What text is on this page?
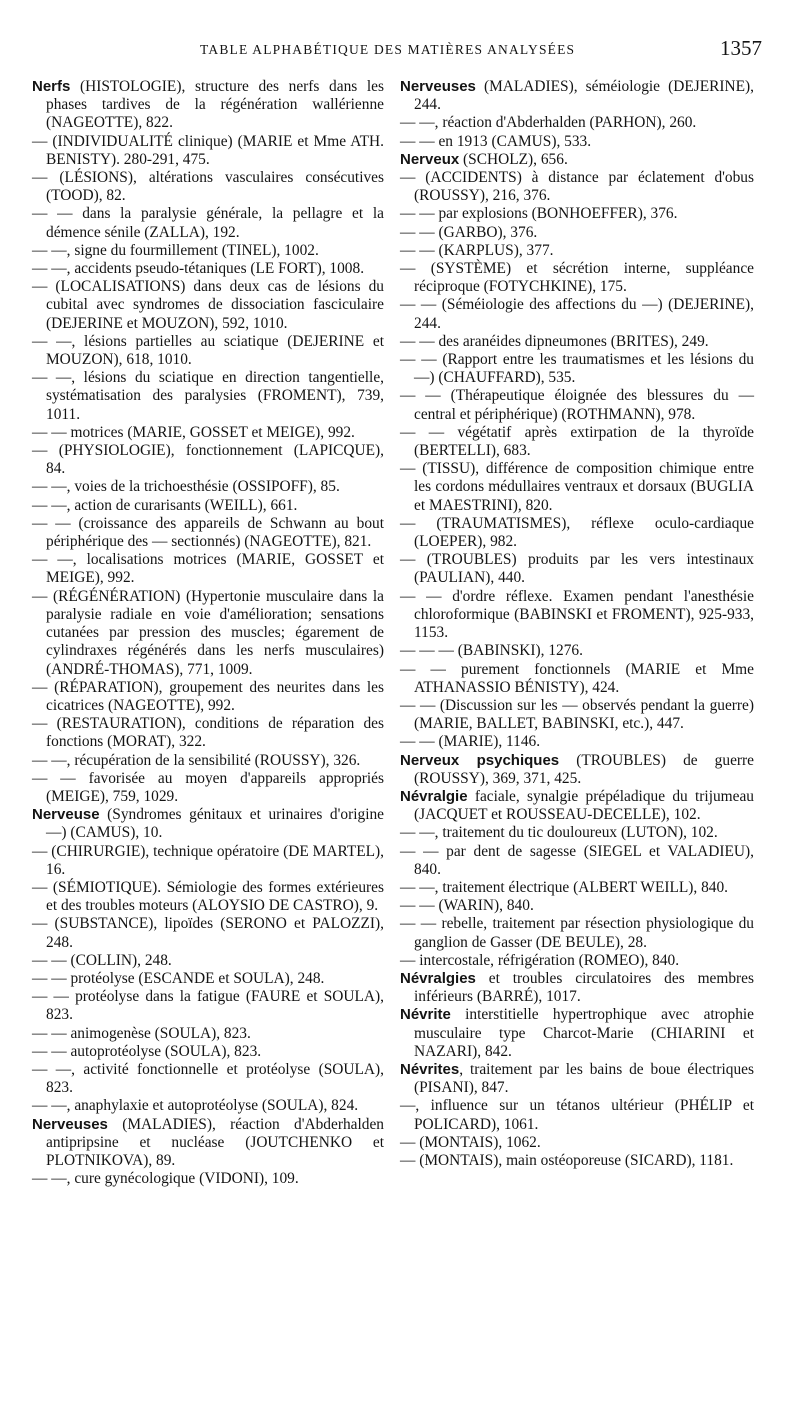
TABLE ALPHABÉTIQUE DES MATIÈRES ANALYSÉES	1357

Nerfs (HISTOLOGIE), structure des nerfs dans les phases tardives de la régénération wallérienne (NAGEOTTE), 822.

— (INDIVIDUALITÉ clinique) (MARIE et Mme ATH. BENISTY). 280-291, 475.

— (LÉSIONS), altérations vasculaires consécutives (TOOD), 82.

— — dans la paralysie générale, la pellagre et la démence sénile (ZALLA), 192.

— —, signe du fourmillement (TINEL), 1002.

— —, accidents pseudo-tétaniques (LE FORT), 1008.

— (LOCALISATIONS) dans deux cas de lésions du cubital avec syndromes de dissociation fasciculaire (DEJERINE et MOUZON), 592, 1010.

— —, lésions partielles au sciatique (DEJERINE et MOUZON), 618, 1010.

— —, lésions du sciatique en direction tangentielle, systématisation des paralysies (FROMENT), 739, 1011.

— — motrices (MARIE, GOSSET et MEIGE), 992.

— (PHYSIOLOGIE), fonctionnement (LAPICQUE), 84.

— —, voies de la trichoesthésie (OSSIPOFF), 85.

— —, action de curarisants (WEILL), 661.

— — (croissance des appareils de Schwann au bout périphérique des — sectionnés) (NAGEOTTE), 821.

— —, localisations motrices (MARIE, GOSSET et MEIGE), 992.

— (RÉGÉNÉRATION) (Hypertonie musculaire dans la paralysie radiale en voie d'amélioration; sensations cutanées par pression des muscles; égarement de cylindraxes régénérés dans les nerfs musculaires) (ANDRÉ-THOMAS), 771, 1009.

— (RÉPARATION), groupement des neurites dans les cicatrices (NAGEOTTE), 992.

— (RESTAURATION), conditions de réparation des fonctions (MORAT), 322.

— —, récupération de la sensibilité (ROUSSY), 326.

— — favorisée au moyen d'appareils appropriés (MEIGE), 759, 1029.

Nerveuse (Syndromes génitaux et urinaires d'origine —) (CAMUS), 10.

— (CHIRURGIE), technique opératoire (DE MARTEL), 16.

— (SÉMIOTIQUE). Sémiologie des formes extérieures et des troubles moteurs (ALOYSIO DE CASTRO), 9.

— (SUBSTANCE), lipoïdes (SERONO et PALOZZI), 248.

— — (COLLIN), 248.

— — protéolyse (ESCANDE et SOULA), 248.

— — protéolyse dans la fatigue (FAURE et SOULA), 823.

— — animogenèse (SOULA), 823.

— — autoprotéolyse (SOULA), 823.

— —, activité fonctionnelle et protéolyse (SOULA), 823.

— —, anaphylaxie et autoprotéolyse (SOULA), 824.

Nerveuses (MALADIES), réaction d'Abderhalden antipripsine et nucléase (JOUTCHENKO et PLOTNIKOVA), 89.

— —, cure gynécologique (VIDONI), 109.

Nerveuses (MALADIES), séméiologie (DEJERINE), 244.

— —, réaction d'Abderhalden (PARHON), 260.

— — en 1913 (CAMUS), 533.

Nerveux (SCHOLZ), 656.

— (ACCIDENTS) à distance par éclatement d'obus (ROUSSY), 216, 376.

— — par explosions (BONHOEFFER), 376.

— — (GARBO), 376.

— — (KARPLUS), 377.

— (SYSTÈME) et sécrétion interne, suppléance réciproque (FOTYCHKINE), 175.

— — (Séméiologie des affections du —) (DEJERINE), 244.

— — des aranéides dipneumones (BRITES), 249.

— — (Rapport entre les traumatismes et les lésions du —) (CHAUFFARD), 535.

— — (Thérapeutique éloignée des blessures du — central et périphérique) (ROTHMANN), 978.

— — végétatif après extirpation de la thyroïde (BERTELLI), 683.

— (TISSU), différence de composition chimique entre les cordons médullaires ventraux et dorsaux (BUGLIA et MAESTRINI), 820.

— (TRAUMATISMES), réflexe oculo-cardiaque (LOEPER), 982.

— (TROUBLES) produits par les vers intestinaux (PAULIAN), 440.

— — d'ordre réflexe. Examen pendant l'anesthésie chloroformique (BABINSKI et FROMENT), 925-933, 1153.

— — — (BABINSKI), 1276.

— — purement fonctionnels (MARIE et Mme ATHANASSIO BÉNISTY), 424.

— — (Discussion sur les — observés pendant la guerre) (MARIE, BALLET, BABINSKI, etc.), 447.

— — (MARIE), 1146.

Nerveux psychiques (TROUBLES) de guerre (ROUSSY), 369, 371, 425.

Névralgie faciale, synalgie prépéladique du trijumeau (JACQUET et ROUSSEAU-DECELLE), 102.

— —, traitement du tic douloureux (LUTON), 102.

— — par dent de sagesse (SIEGEL et VALADIEU), 840.

— —, traitement électrique (ALBERT WEILL), 840.

— — (WARIN), 840.

— — rebelle, traitement par résection physiologique du ganglion de Gasser (DE BEULE), 28.

— intercostale, réfrigération (ROMEO), 840.

Névralgies et troubles circulatoires des membres inférieurs (BARRÉ), 1017.

Névrite interstitielle hypertrophique avec atrophie musculaire type Charcot-Marie (CHIARINI et NAZARI), 842.

Névrites, traitement par les bains de boue électriques (PISANI), 847.

—, influence sur un tétanos ultérieur (PHÉLIP et POLICARD), 1061.

— (MONTAIS), 1062.

— (MONTAIS), main ostéoporeuse (SICARD), 1181.
